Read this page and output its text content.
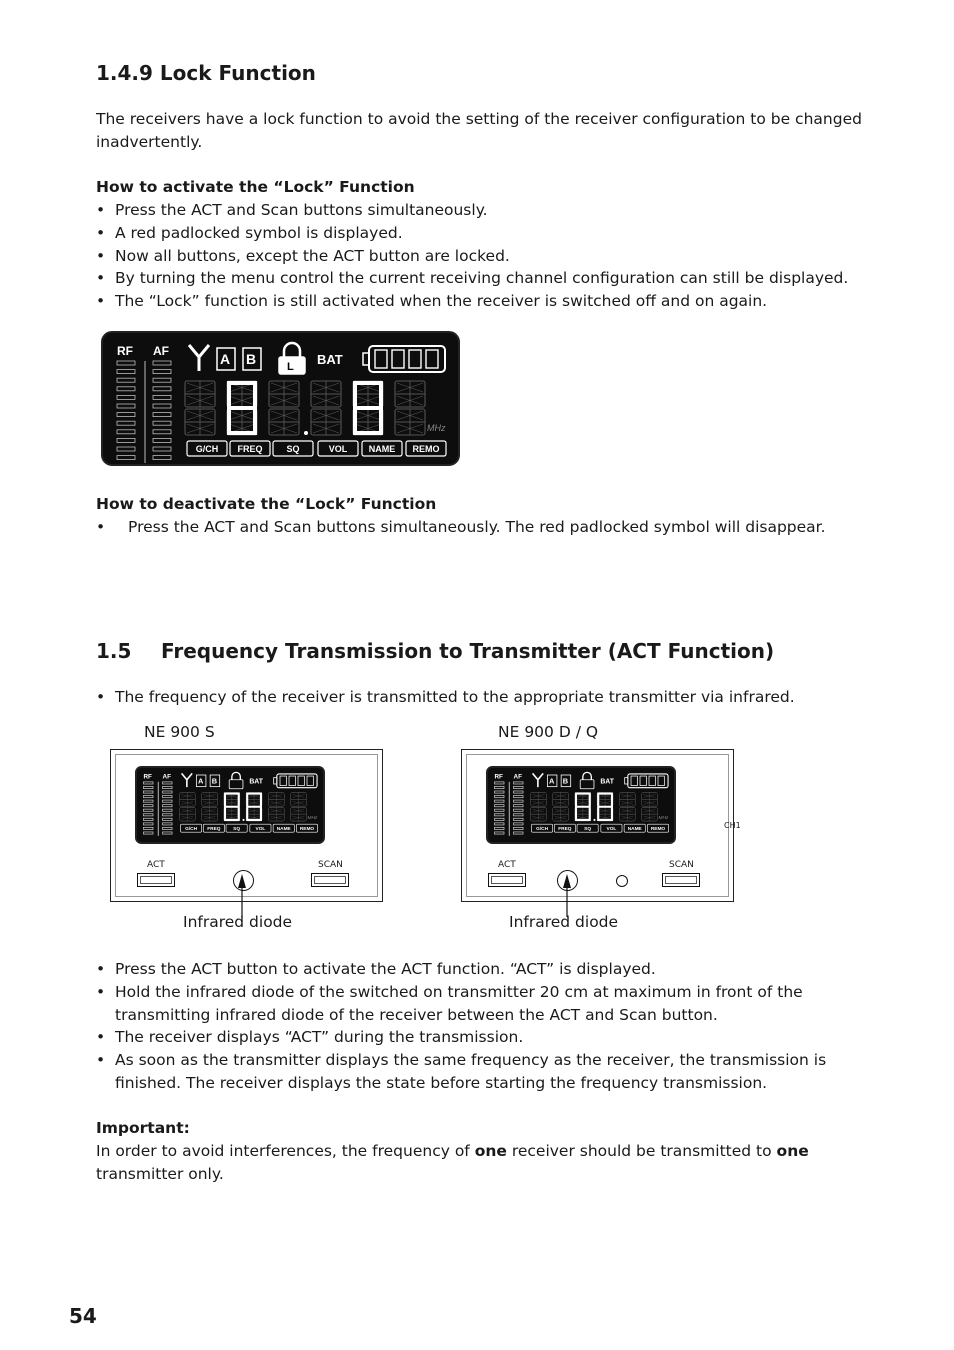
1.4.9 Lock Function
The receivers have a lock function to avoid the setting of the receiver configuration to be changed inadvertently.
How to activate the “Lock” Function
• Press the ACT and Scan buttons simultaneously.
• A red padlocked symbol is displayed.
• Now all buttons, except the ACT button are locked.
• By turning the menu control the current receiving channel configuration can still be displayed.
• The “Lock” function is still activated when the receiver is switched off and on again.
RF AF	A B	L BAT
MHz
G/CH FREQ	SQ	VOL NAME REMO
How to deactivate the “Lock” Function
• Press the ACT and Scan buttons simultaneously. The red padlocked symbol will disappear.
1.5 Frequency Transmission to Transmitter (ACT Function)
• The frequency of the receiver is transmitted to the appropriate transmitter via infrared.
NE 900 S	NE 900 D / Q
RF AF	A B	BAT
MHz
G/CH FREQ	SQ	VOL NAME REMO
ACT	SCAN
RF AF	A B	BAT
MHz
G/CH FREQ	SQ	VOL NAME REMO	CH1
ACT	SCAN
Infrared diode	Infrared diode
• Press the ACT button to activate the ACT function. “ACT” is displayed.
• Hold the infrared diode of the switched on transmitter 20 cm at maximum in front of the transmitting infrared diode of the receiver between the ACT and Scan button.
• The receiver displays “ACT” during the transmission.
• As soon as the transmitter displays the same frequency as the receiver, the transmission is finished. The receiver displays the state before starting the frequency transmission.
Important:
In order to avoid interferences, the frequency of one receiver should be transmitted to one transmitter only.
54
